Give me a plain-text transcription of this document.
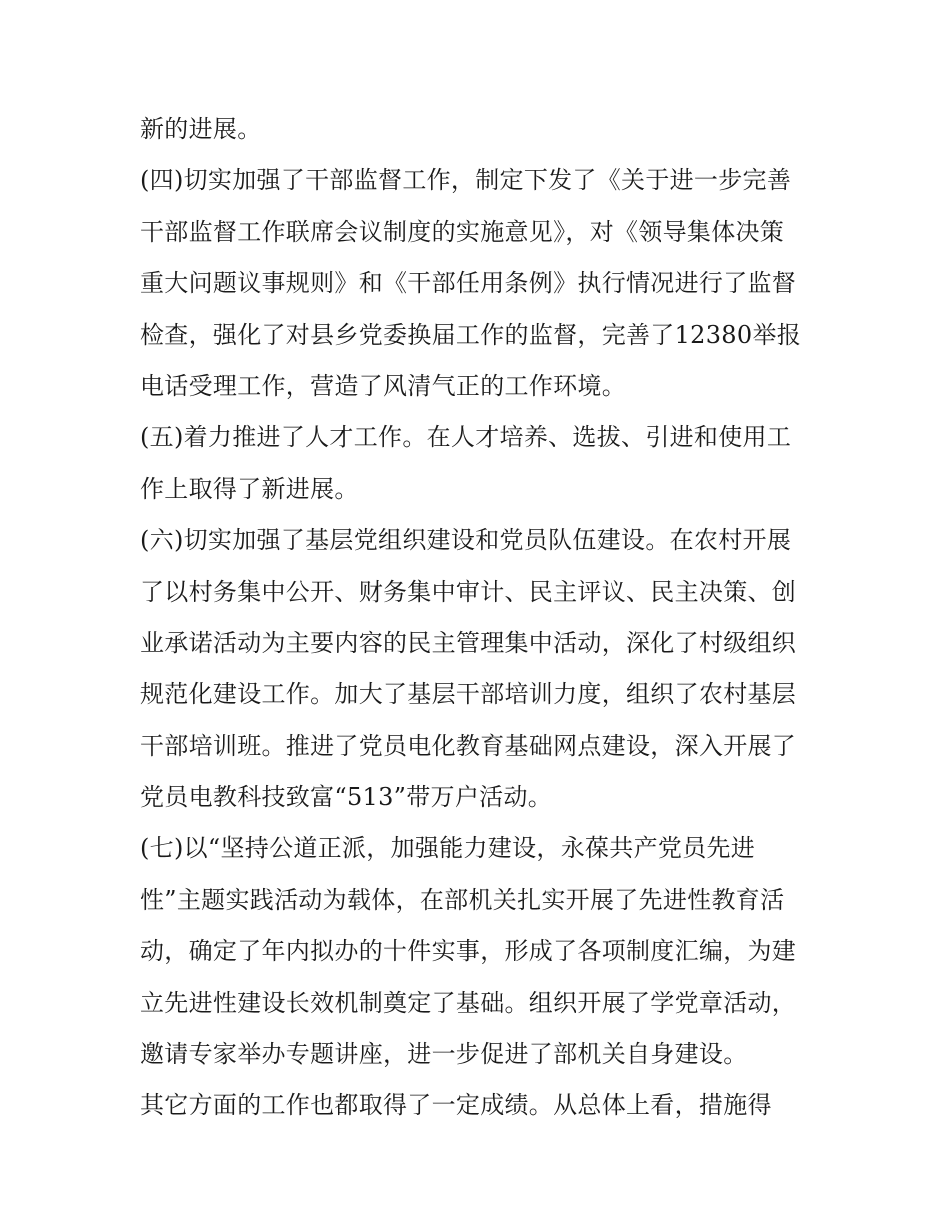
新的进展。
(四)切实加强了干部监督工作，制定下发了《关于进一步完善
干部监督工作联席会议制度的实施意见》，对《领导集体决策
重大问题议事规则》和《干部任用条例》执行情况进行了监督
检查，强化了对县乡党委换届工作的监督，完善了12380举报
电话受理工作，营造了风清气正的工作环境。
(五)着力推进了人才工作。在人才培养、选拔、引进和使用工
作上取得了新进展。
(六)切实加强了基层党组织建设和党员队伍建设。在农村开展
了以村务集中公开、财务集中审计、民主评议、民主决策、创
业承诺活动为主要内容的民主管理集中活动，深化了村级组织
规范化建设工作。加大了基层干部培训力度，组织了农村基层
干部培训班。推进了党员电化教育基础网点建设，深入开展了
党员电教科技致富“513”带万户活动。
(七)以“坚持公道正派，加强能力建设，永葆共产党员先进
性”主题实践活动为载体，在部机关扎实开展了先进性教育活
动，确定了年内拟办的十件实事，形成了各项制度汇编，为建
立先进性建设长效机制奠定了基础。组织开展了学党章活动，
邀请专家举办专题讲座，进一步促进了部机关自身建设。
其它方面的工作也都取得了一定成绩。从总体上看，措施得
